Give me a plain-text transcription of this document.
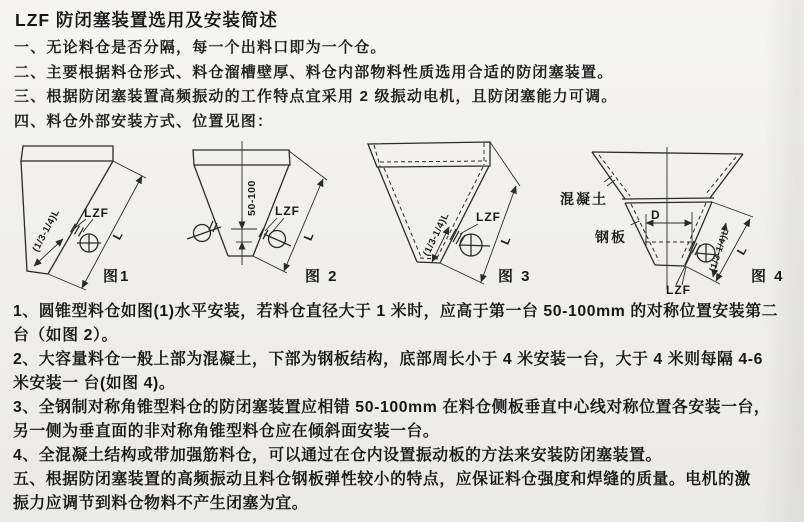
LZF 防闭塞装置选用及安装简述
一、无论料仓是否分隔，每一个出料口即为一个仓。
二、主要根据料仓形式、料仓溜槽壁厚、料仓内部物料性质选用合适的防闭塞装置。
三、根据防闭塞装置高频振动的工作特点宜采用 2 级振动电机，且防闭塞能力可调。
四、料仓外部安装方式、位置见图：
L
(1/3-1/4)L LZF
图1
50-100 LZF
L
图 2
LZF
(1/3-1/4)L	L
图 3
D
混凝土
钢板
LZF
(1/3-1/4)L L
图 4
1、圆锥型料仓如图(1)水平安装，若料仓直径大于 1 米时，应高于第一台 50-100mm 的对称位置安装第二
台（如图 2）。
2、大容量料仓一般上部为混凝土，下部为钢板结构，底部周长小于 4 米安装一台，大于 4 米则每隔 4-6
米安装一 台(如图 4)。
3、全钢制对称角锥型料仓的防闭塞装置应相错 50-100mm 在料仓侧板垂直中心线对称位置各安装一台，
另一侧为垂直面的非对称角锥型料仓应在倾斜面安装一台。
4、全混凝土结构或带加强筋料仓，可以通过在仓内设置振动板的方法来安装防闭塞装置。
五、根据防闭塞装置的高频振动且料仓钢板弹性较小的特点，应保证料仓强度和焊缝的质量。电机的激
振力应调节到料仓物料不产生闭塞为宜。
